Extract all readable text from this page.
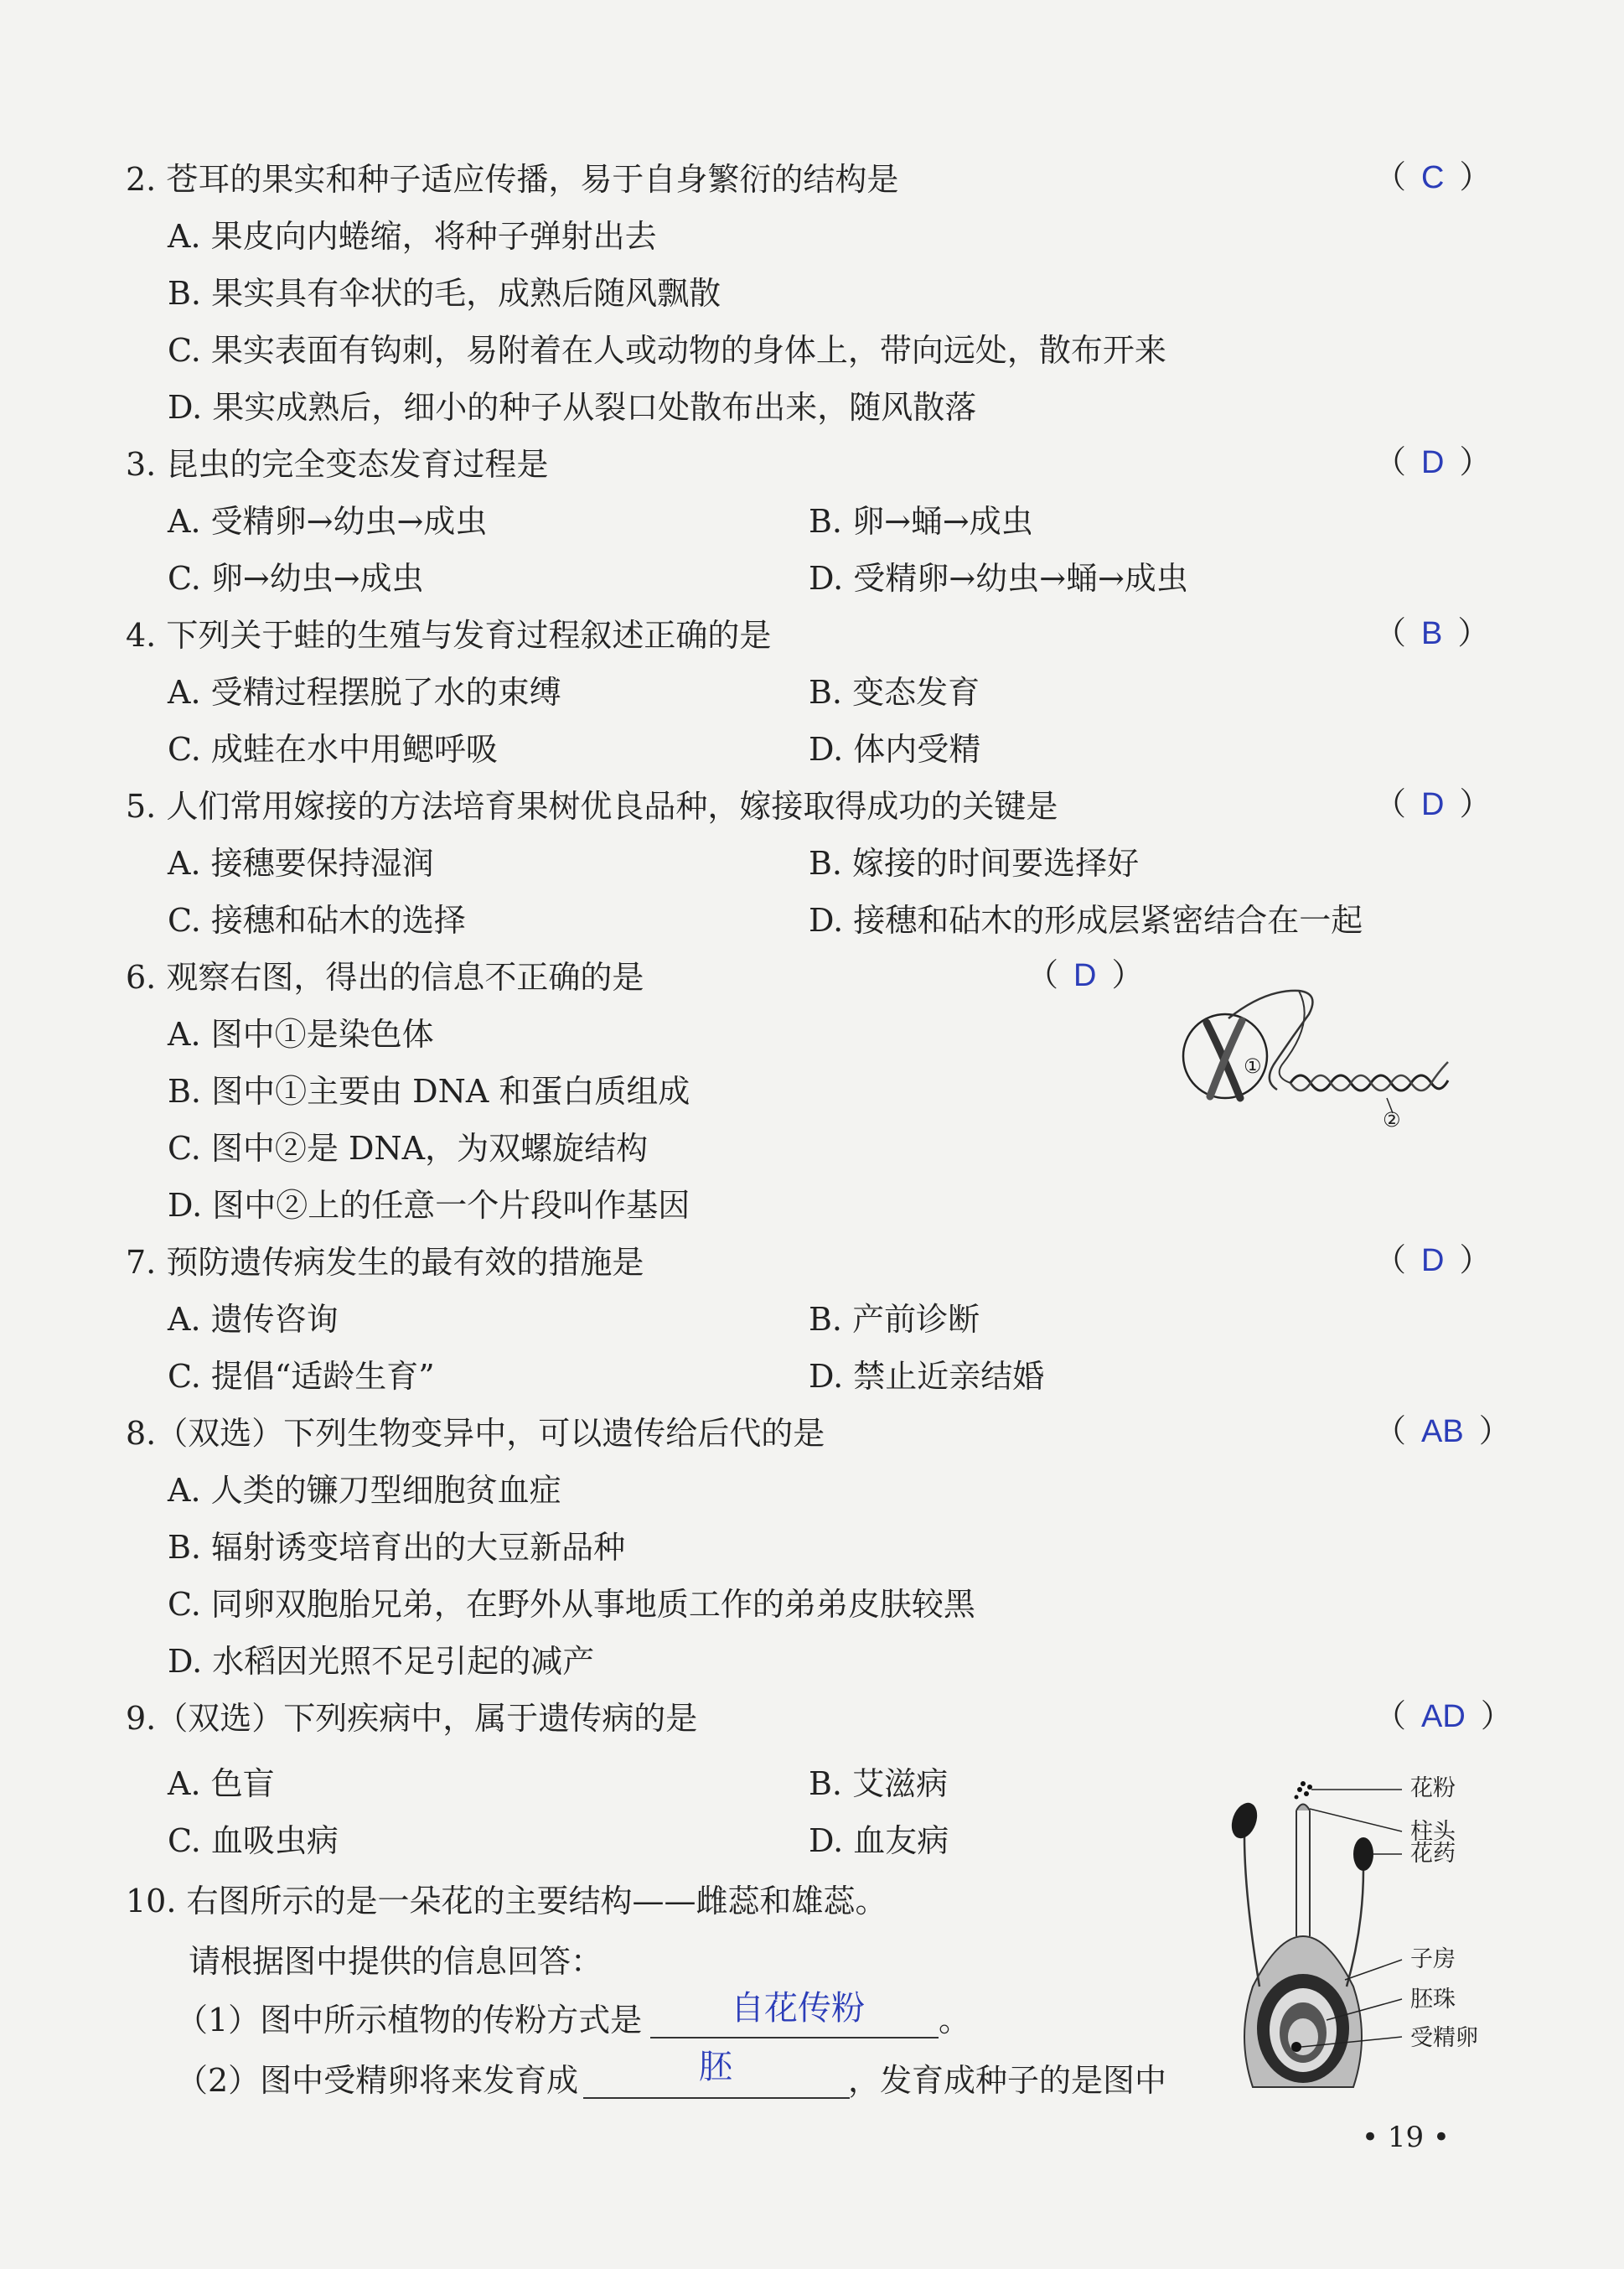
2. 苍耳的果实和种子适应传播，易于自身繁衍的结构是	（ C ）
A. 果皮向内蜷缩，将种子弹射出去
B. 果实具有伞状的毛，成熟后随风飘散
C. 果实表面有钩刺，易附着在人或动物的身体上，带向远处，散布开来
D. 果实成熟后，细小的种子从裂口处散布出来，随风散落
3. 昆虫的完全变态发育过程是	（ D ）
A. 受精卵→幼虫→成虫	B. 卵→蛹→成虫
C. 卵→幼虫→成虫	D. 受精卵→幼虫→蛹→成虫
4. 下列关于蛙的生殖与发育过程叙述正确的是	（ B ）
A. 受精过程摆脱了水的束缚	B. 变态发育
C. 成蛙在水中用鳃呼吸	D. 体内受精
5. 人们常用嫁接的方法培育果树优良品种，嫁接取得成功的关键是	（ D ）
A. 接穗要保持湿润	B. 嫁接的时间要选择好
C. 接穗和砧木的选择	D. 接穗和砧木的形成层紧密结合在一起
6. 观察右图，得出的信息不正确的是	（ D ）
A. 图中①是染色体
B. 图中①主要由 DNA 和蛋白质组成
C. 图中②是 DNA，为双螺旋结构
D. 图中②上的任意一个片段叫作基因
①
②
7. 预防遗传病发生的最有效的措施是	（ D ）
A. 遗传咨询	B. 产前诊断
C. 提倡“适龄生育”	D. 禁止近亲结婚
8.（双选）下列生物变异中，可以遗传给后代的是	（ AB ）
A. 人类的镰刀型细胞贫血症
B. 辐射诱变培育出的大豆新品种
C. 同卵双胞胎兄弟，在野外从事地质工作的弟弟皮肤较黑
D. 水稻因光照不足引起的减产
9.（双选）下列疾病中，属于遗传病的是	（ AD ）
A. 色盲	B. 艾滋病
C. 血吸虫病	D. 血友病
10. 右图所示的是一朵花的主要结构——雌蕊和雄蕊。
请根据图中提供的信息回答：
（1）图中所示植物的传粉方式是	自花传粉 。
（2）图中受精卵将来发育成	胚	，发育成种子的是图中
花粉
柱头
花药
子房
胚珠
受精卵
• 19 •
